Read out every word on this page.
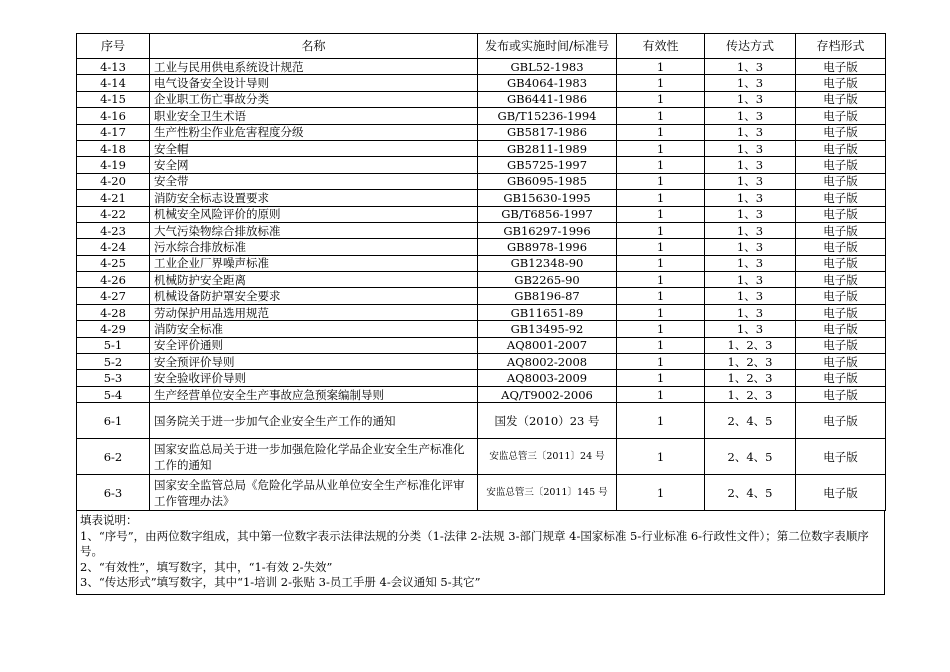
序号	名称	发布或实施时间/标准号	有效性	传达方式	存档形式
4-13	工业与民用供电系统设计规范	GBL52-1983	1	1、3	电子版
4-14	电气设备安全设计导则	GB4064-1983	1	1、3	电子版
4-15	企业职工伤亡事故分类	GB6441-1986	1	1、3	电子版
4-16	职业安全卫生术语	GB/T15236-1994	1	1、3	电子版
4-17	生产性粉尘作业危害程度分级	GB5817-1986	1	1、3	电子版
4-18	安全帽	GB2811-1989	1	1、3	电子版
4-19	安全网	GB5725-1997	1	1、3	电子版
4-20	安全带	GB6095-1985	1	1、3	电子版
4-21	消防安全标志设置要求	GB15630-1995	1	1、3	电子版
4-22	机械安全风险评价的原则	GB/T6856-1997	1	1、3	电子版
4-23	大气污染物综合排放标准	GB16297-1996	1	1、3	电子版
4-24	污水综合排放标准	GB8978-1996	1	1、3	电子版
4-25	工业企业厂界噪声标准	GB12348-90	1	1、3	电子版
4-26	机械防护安全距离	GB2265-90	1	1、3	电子版
4-27	机械设备防护罩安全要求	GB8196-87	1	1、3	电子版
4-28	劳动保护用品选用规范	GB11651-89	1	1、3	电子版
4-29	消防安全标准	GB13495-92	1	1、3	电子版
5-1	安全评价通则	AQ8001-2007	1	1、2、3	电子版
5-2	安全预评价导则	AQ8002-2008	1	1、2、3	电子版
5-3	安全验收评价导则	AQ8003-2009	1	1、2、3	电子版
5-4	生产经营单位安全生产事故应急预案编制导则	AQ/T9002-2006	1	1、2、3	电子版
6-1	国务院关于进一步加气企业安全生产工作的通知	国发（2010）23 号	1	2、4、5	电子版
6-2	国家安监总局关于进一步加强危险化学品企业安全生产标准化工作的通知	安监总管三〔2011〕24 号	1	2、4、5	电子版
6-3	国家安全监管总局《危险化学品从业单位安全生产标准化评审工作管理办法》	安监总管三〔2011〕145 号	1	2、4、5	电子版
填表说明：
1、“序号”，由两位数字组成，其中第一位数字表示法律法规的分类（1-法律 2-法规 3-部门规章 4-国家标准 5-行业标准 6-行政性文件）；第二位数字表顺序号。
2、“有效性”，填写数字，其中，“1-有效 2-失效”
3、“传达形式”填写数字，其中“1-培训 2-张贴 3-员工手册 4-会议通知 5-其它”
